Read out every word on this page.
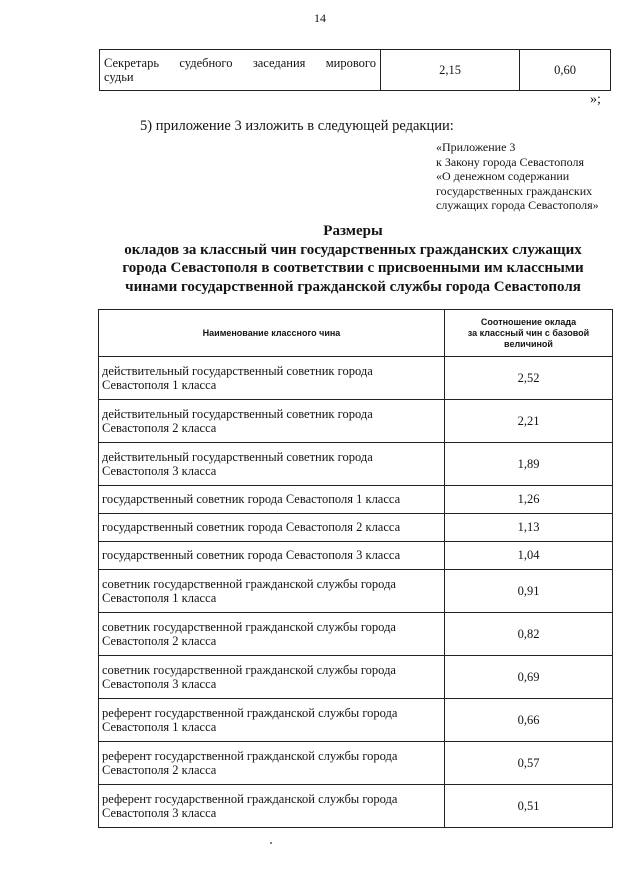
14
Секретарь судебного заседания мирового
судьи
	2,15	0,60
»;
5) приложение 3 изложить в следующей редакции:
«Приложение 3
к Закону города Севастополя
«О денежном содержании
государственных гражданских
служащих города Севастополя»
Размеры
окладов за классный чин государственных гражданских служащих
города Севастополя в соответствии с присвоенными им классными
чинами государственной гражданской службы города Севастополя
Наименование классного чина	Соотношение оклада
за классный чин с базовой
величиной

действительный государственный советник города
Севастополя 1 класса	2,52

действительный государственный советник города
Севастополя 2 класса	2,21

действительный государственный советник города
Севастополя 3 класса	1,89

государственный советник города Севастополя 1 класса	1,26

государственный советник города Севастополя 2 класса	1,13

государственный советник города Севастополя 3 класса	1,04

советник государственной гражданской службы города
Севастополя 1 класса	0,91

советник государственной гражданской службы города
Севастополя 2 класса	0,82

советник государственной гражданской службы города
Севастополя 3 класса	0,69

референт государственной гражданской службы города
Севастополя 1 класса	0,66

референт государственной гражданской службы города
Севастополя 2 класса	0,57

референт государственной гражданской службы города
Севастополя 3 класса	0,51
